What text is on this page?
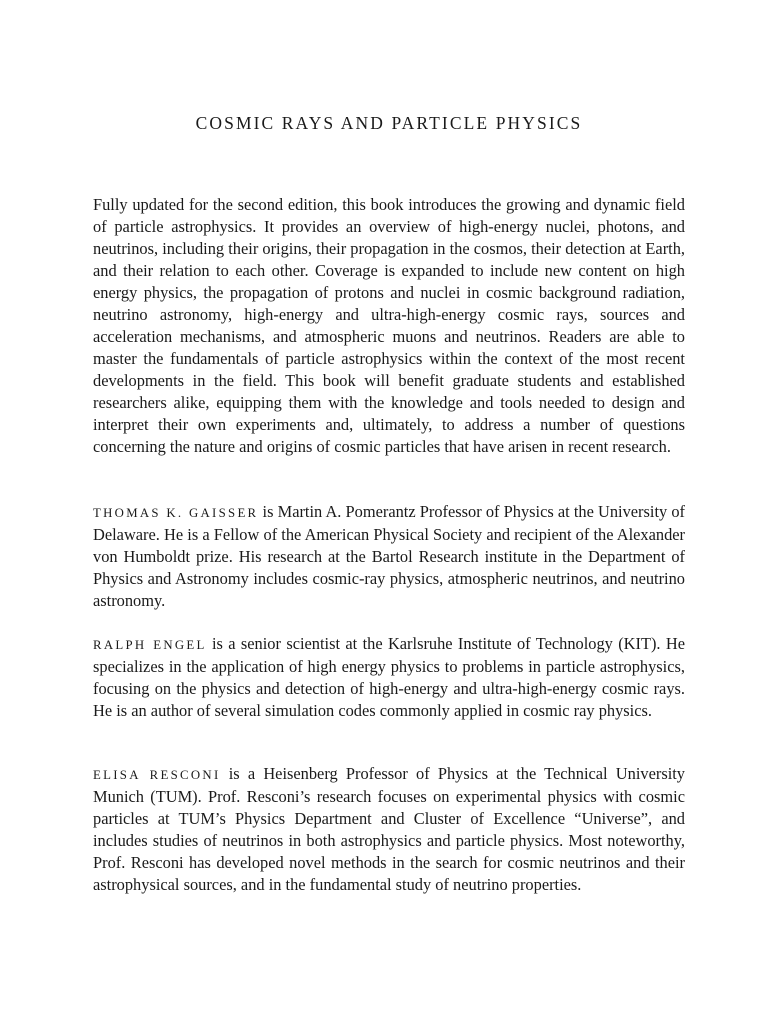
COSMIC RAYS AND PARTICLE PHYSICS

Fully updated for the second edition, this book introduces the growing and dynamic field of particle astrophysics. It provides an overview of high-energy nuclei, photons, and neutrinos, including their origins, their propagation in the cosmos, their detection at Earth, and their relation to each other. Coverage is expanded to include new content on high energy physics, the propagation of protons and nuclei in cosmic background radiation, neutrino astronomy, high-energy and ultra-high-energy cosmic rays, sources and acceleration mechanisms, and atmospheric muons and neutrinos. Readers are able to master the fundamentals of particle astrophysics within the context of the most recent developments in the field. This book will benefit graduate students and established researchers alike, equipping them with the knowledge and tools needed to design and interpret their own experiments and, ultimately, to address a number of questions concerning the nature and origins of cosmic particles that have arisen in recent research.

THOMAS K. GAISSER is Martin A. Pomerantz Professor of Physics at the University of Delaware. He is a Fellow of the American Physical Society and recipient of the Alexander von Humboldt prize. His research at the Bartol Research institute in the Department of Physics and Astronomy includes cosmic-ray physics, atmospheric neutrinos, and neutrino astronomy.

RALPH ENGEL is a senior scientist at the Karlsruhe Institute of Technology (KIT). He specializes in the application of high energy physics to problems in particle astrophysics, focusing on the physics and detection of high-energy and ultra-high-energy cosmic rays. He is an author of several simulation codes commonly applied in cosmic ray physics.

ELISA RESCONI is a Heisenberg Professor of Physics at the Technical University Munich (TUM). Prof. Resconi’s research focuses on experimental physics with cosmic particles at TUM’s Physics Department and Cluster of Excellence “Universe”, and includes studies of neutrinos in both astrophysics and particle physics. Most noteworthy, Prof. Resconi has developed novel methods in the search for cosmic neutrinos and their astrophysical sources, and in the fundamental study of neutrino properties.
